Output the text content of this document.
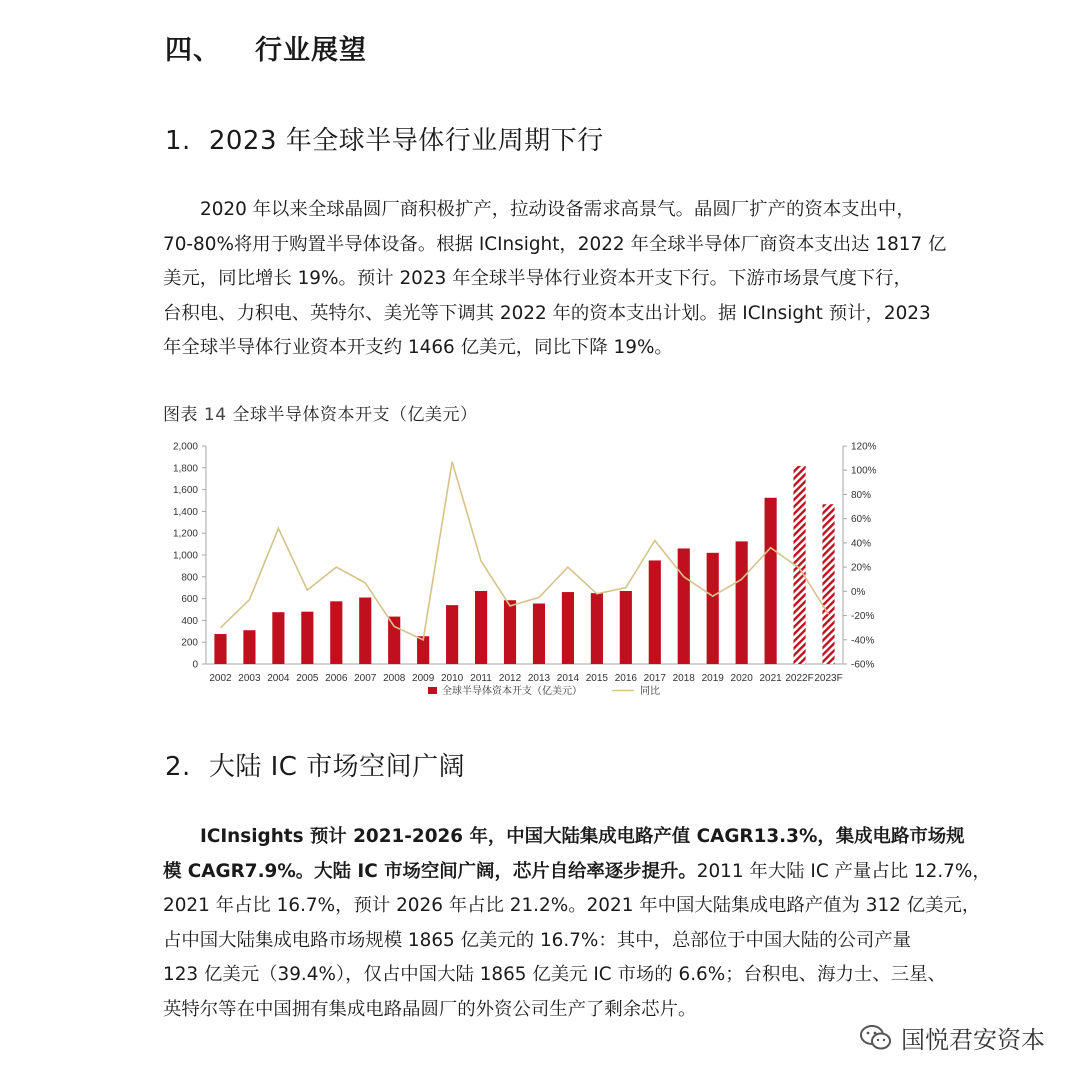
四、 行业展望
1. 2023 年全球半导体行业周期下行
2020 年以来全球晶圆厂商积极扩产，拉动设备需求高景气。晶圆厂扩产的资本支出中，
70-80%将用于购置半导体设备。根据 ICInsight，2022 年全球半导体厂商资本支出达 1817 亿
美元，同比增长 19%。预计 2023 年全球半导体行业资本开支下行。下游市场景气度下行，
台积电、力积电、英特尔、美光等下调其 2022 年的资本支出计划。据 ICInsight 预计，2023
年全球半导体行业资本开支约 1466 亿美元，同比下降 19%。
图表 14 全球半导体资本开支（亿美元）
0
200
400
600
800
1,000
1,200
1,400
1,600
1,800
2,000
-60%
-40%
-20%
0%
20%
40%
60%
80%
100%
120%
2002 2003 2004 2005 2006 2007 2008 2009 2010 2011 2012 2013 2014 2015 2016 2017 2018 2019 2020 2021 2022F 2023F
全球半导体资本开支（亿美元）	同比
2. 大陆 IC 市场空间广阔
ICInsights 预计 2021-2026 年，中国大陆集成电路产值 CAGR13.3%，集成电路市场规
模 CAGR7.9%。大陆 IC 市场空间广阔，芯片自给率逐步提升。2011 年大陆 IC 产量占比 12.7%，
2021 年占比 16.7%，预计 2026 年占比 21.2%。2021 年中国大陆集成电路产值为 312 亿美元，
占中国大陆集成电路市场规模 1865 亿美元的 16.7%：其中，总部位于中国大陆的公司产量
123 亿美元（39.4%），仅占中国大陆 1865 亿美元 IC 市场的 6.6%；台积电、海力士、三星、
英特尔等在中国拥有集成电路晶圆厂的外资公司生产了剩余芯片。
国悦君安资本
